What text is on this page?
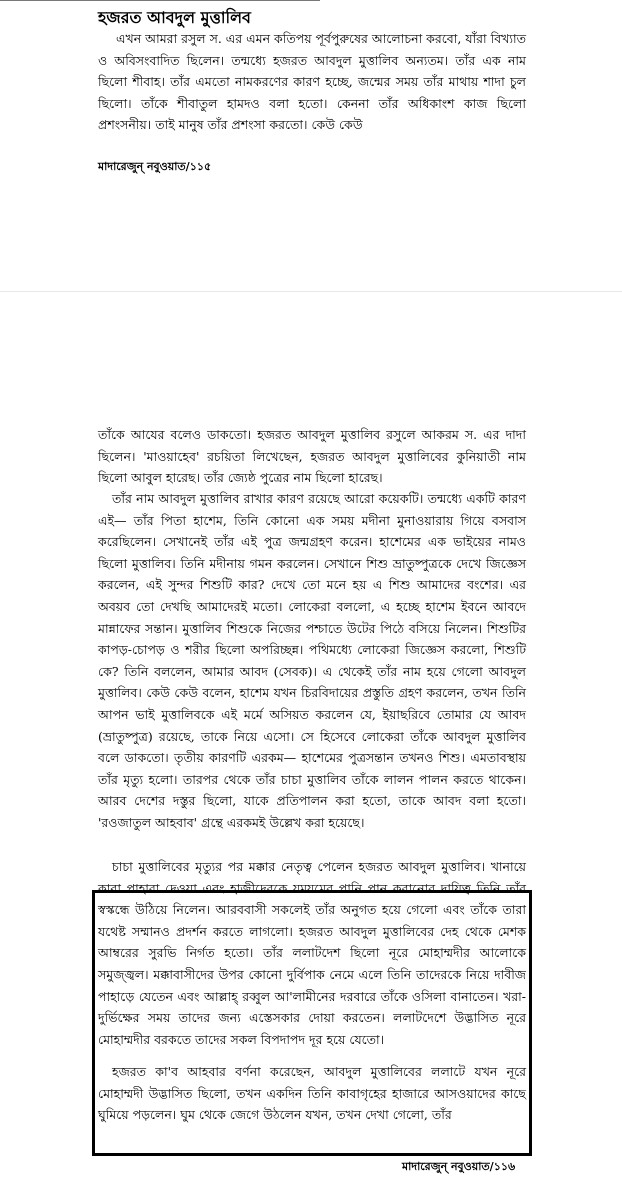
হজরত আবদুল মুত্তালিব

এখন আমরা রসুল স. এর এমন কতিপয় পূর্বপুরুষের আলোচনা করবো, যাঁরা বিখ্যাত ও অবিসংবাদিত ছিলেন। তন্মধ্যে হজরত আবদুল মুত্তালিব অন্যতম। তাঁর এক নাম ছিলো শীবাহ। তাঁর এমতো নামকরণের কারণ হচ্ছে, জন্মের সময় তাঁর মাথায় শাদা চুল ছিলো। তাঁকে শীবাতুল হামদও বলা হতো। কেননা তাঁর অধিকাংশ কাজ ছিলো প্রশংসনীয়। তাই মানুষ তাঁর প্রশংসা করতো। কেউ কেউ

মাদারেজুন্ নবুওয়াত/১১৫

তাঁকে আযের বলেও ডাকতো। হজরত আবদুল মুত্তালিব রসুলে আকরম স. এর দাদা ছিলেন। 'মাওয়াহেব' রচয়িতা লিখেছেন, হজরত আবদুল মুত্তালিবের কুনিয়াতী নাম ছিলো আবুল হারেছ। তাঁর জ্যেষ্ঠ পুত্রের নাম ছিলো হারেছ।

তাঁর নাম আবদুল মুত্তালিব রাখার কারণ রয়েছে আরো কয়েকটি। তন্মধ্যে একটি কারণ এই— তাঁর পিতা হাশেম, তিনি কোনো এক সময় মদীনা মুনাওয়ারায় গিয়ে বসবাস করেছিলেন। সেখানেই তাঁর এই পুত্র জন্মগ্রহণ করেন। হাশেমের এক ভাইয়ের নামও ছিলো মুত্তালিব। তিনি মদীনায় গমন করলেন। সেখানে শিশু ভ্রাতুষ্পুত্রকে দেখে জিজ্ঞেস করলেন, এই সুন্দর শিশুটি কার? দেখে তো মনে হয় এ শিশু আমাদের বংশের। এর অবয়ব তো দেখছি আমাদেরই মতো। লোকেরা বললো, এ হচ্ছে হাশেম ইবনে আবদে মান্নাফের সন্তান। মুত্তালিব শিশুকে নিজের পশ্চাতে উটের পিঠে বসিয়ে নিলেন। শিশুটির কাপড়-চোপড় ও শরীর ছিলো অপরিচ্ছন্ন। পথিমধ্যে লোকেরা জিজ্ঞেস করলো, শিশুটি কে? তিনি বললেন, আমার আবদ (সেবক)। এ থেকেই তাঁর নাম হয়ে গেলো আবদুল মুত্তালিব। কেউ কেউ বলেন, হাশেম যখন চিরবিদায়ের প্রস্তুতি গ্রহণ করলেন, তখন তিনি আপন ভাই মুত্তালিবকে এই মর্মে অসিয়ত করলেন যে, ইয়াছরিবে তোমার যে আবদ (ভ্রাতুষ্পুত্র) রয়েছে, তাকে নিয়ে এসো। সে হিসেবে লোকেরা তাঁকে আবদুল মুত্তালিব বলে ডাকতো। তৃতীয় কারণটি এরকম— হাশেমের পুত্রসন্তান তখনও শিশু। এমতাবস্থায় তাঁর মৃত্যু হলো। তারপর থেকে তাঁর চাচা মুত্তালিব তাঁকে লালন পালন করতে থাকেন। আরব দেশের দস্তুর ছিলো, যাকে প্রতিপালন করা হতো, তাকে আবদ বলা হতো। 'রওজাতুল আহবাব' গ্রন্থে এরকমই উল্লেখ করা হয়েছে।

চাচা মুত্তালিবের মৃত্যুর পর মক্কার নেতৃত্ব পেলেন হজরত আবদুল মুত্তালিব। খানায়ে কাবা পাহারা দেওয়া এবং হাজীদেরকে যমযমের পানি পান করানোর দায়িত্ব তিনি তাঁর স্বস্কন্ধে উঠিয়ে নিলেন। আরববাসী সকলেই তাঁর অনুগত হয়ে গেলো এবং তাঁকে তারা যথেষ্ট সম্মানও প্রদর্শন করতে লাগলো। হজরত আবদুল মুত্তালিবের দেহ থেকে মেশক আম্বরের সুরভি নির্গত হতো। তাঁর ললাটদেশ ছিলো নূরে মোহাম্মদীর আলোকে সমুজ্জ্বল। মক্কাবাসীদের উপর কোনো দুর্বিপাক নেমে এলে তিনি তাদেরকে নিয়ে দাবীজ পাহাড়ে যেতেন এবং আল্লাহ্ রব্বুল আ'লামীনের দরবারে তাঁকে ওসিলা বানাতেন। খরা-দুর্ভিক্ষের সময় তাদের জন্য এস্তেসকার দোয়া করতেন। ললাটদেশে উদ্ভাসিত নূরে মোহাম্মদীর বরকতে তাদের সকল বিপদাপদ দূর হয়ে যেতো।

হজরত কা'ব আহবার বর্ণনা করেছেন, আবদুল মুত্তালিবের ললাটে যখন নূরে মোহাম্মদী উদ্ভাসিত ছিলো, তখন একদিন তিনি কাবাগৃহের হাজারে আসওয়াদের কাছে ঘুমিয়ে পড়লেন। ঘুম থেকে জেগে উঠলেন যখন, তখন দেখা গেলো, তাঁর

মাদারেজুন্ নবুওয়াত/১১৬
